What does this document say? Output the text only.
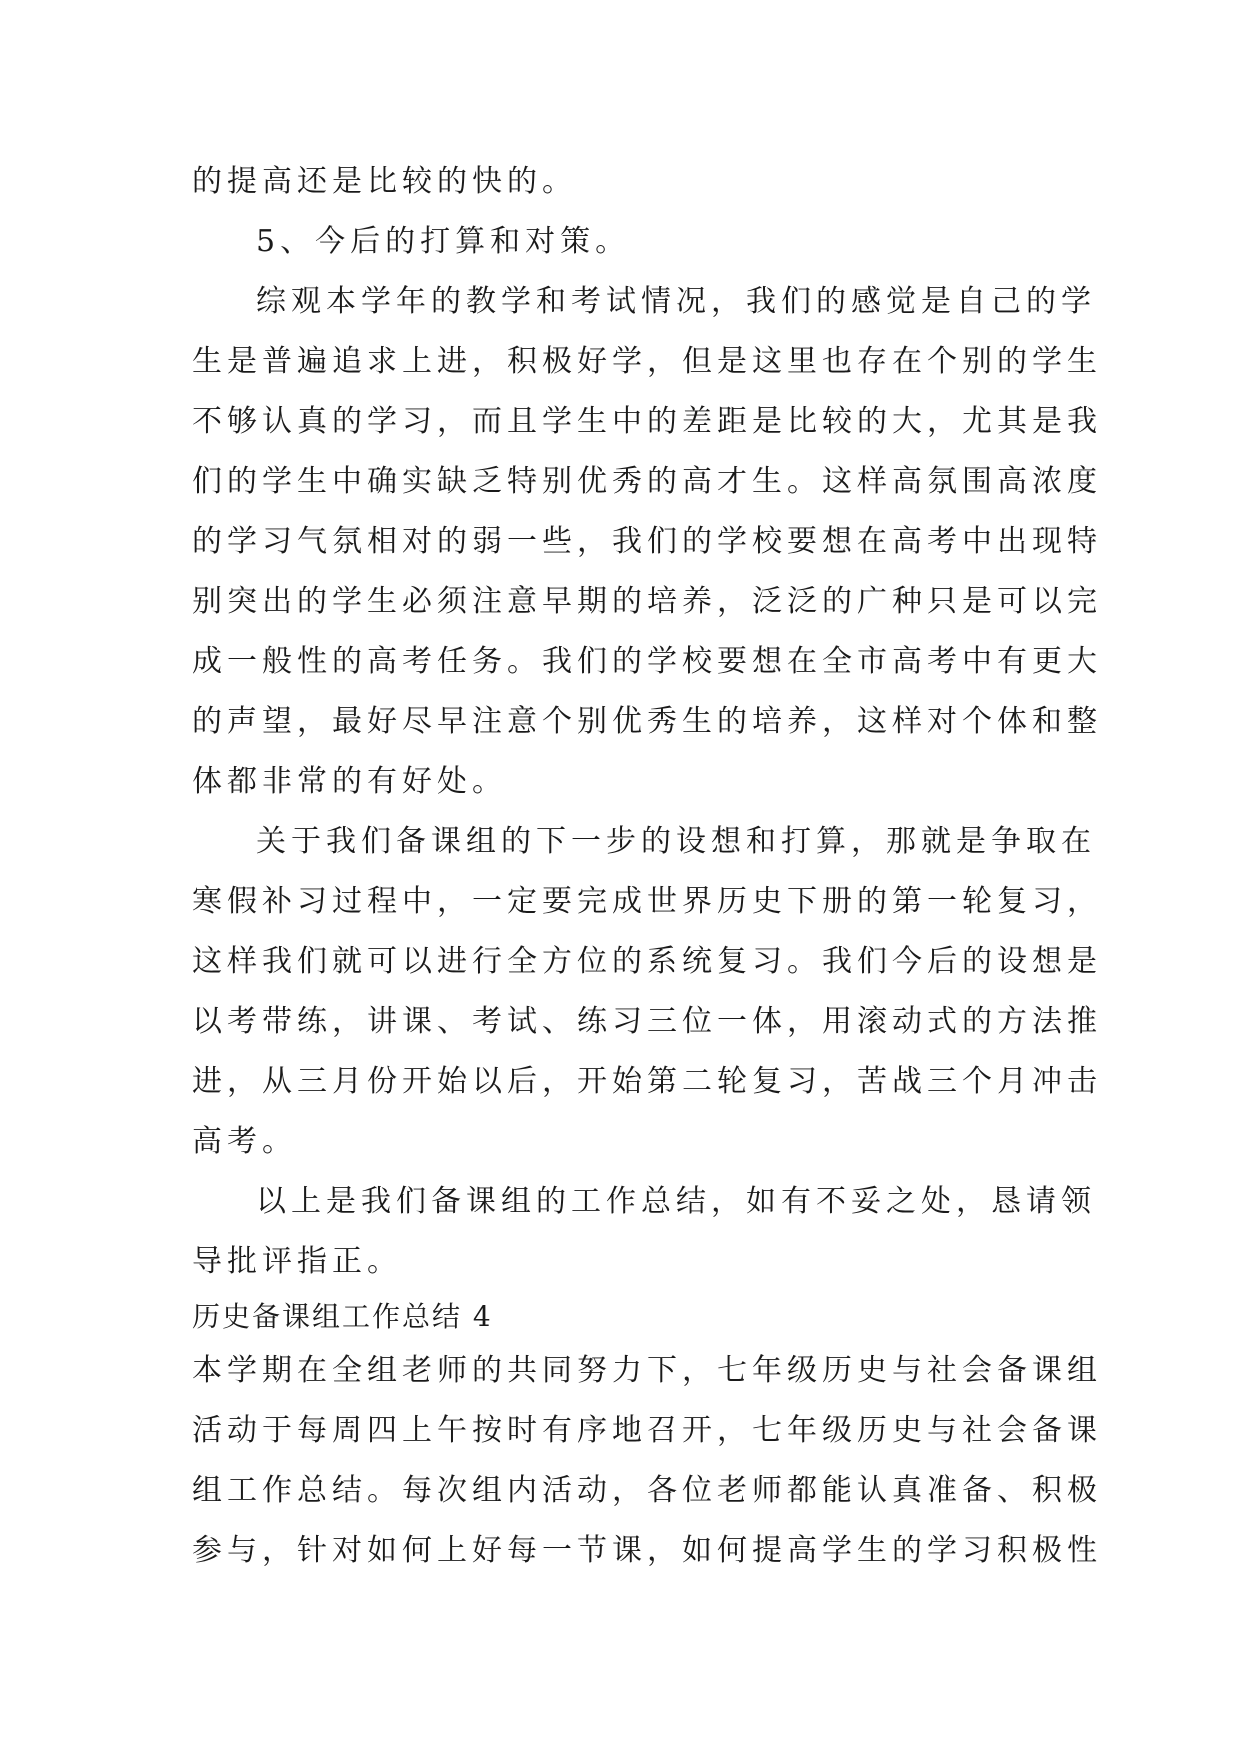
的提高还是比较的快的。

5、今后的打算和对策。

综观本学年的教学和考试情况，我们的感觉是自己的学
生是普遍追求上进，积极好学，但是这里也存在个别的学生
不够认真的学习，而且学生中的差距是比较的大，尤其是我
们的学生中确实缺乏特别优秀的高才生。这样高氛围高浓度
的学习气氛相对的弱一些，我们的学校要想在高考中出现特
别突出的学生必须注意早期的培养，泛泛的广种只是可以完
成一般性的高考任务。我们的学校要想在全市高考中有更大
的声望，最好尽早注意个别优秀生的培养，这样对个体和整
体都非常的有好处。

关于我们备课组的下一步的设想和打算，那就是争取在
寒假补习过程中，一定要完成世界历史下册的第一轮复习，
这样我们就可以进行全方位的系统复习。我们今后的设想是
以考带练，讲课、考试、练习三位一体，用滚动式的方法推
进，从三月份开始以后，开始第二轮复习，苦战三个月冲击
高考。

以上是我们备课组的工作总结，如有不妥之处，恳请领
导批评指正。

历史备课组工作总结 4

本学期在全组老师的共同努力下，七年级历史与社会备课组
活动于每周四上午按时有序地召开，七年级历史与社会备课
组工作总结。每次组内活动，各位老师都能认真准备、积极
参与，针对如何上好每一节课，如何提高学生的学习积极性
